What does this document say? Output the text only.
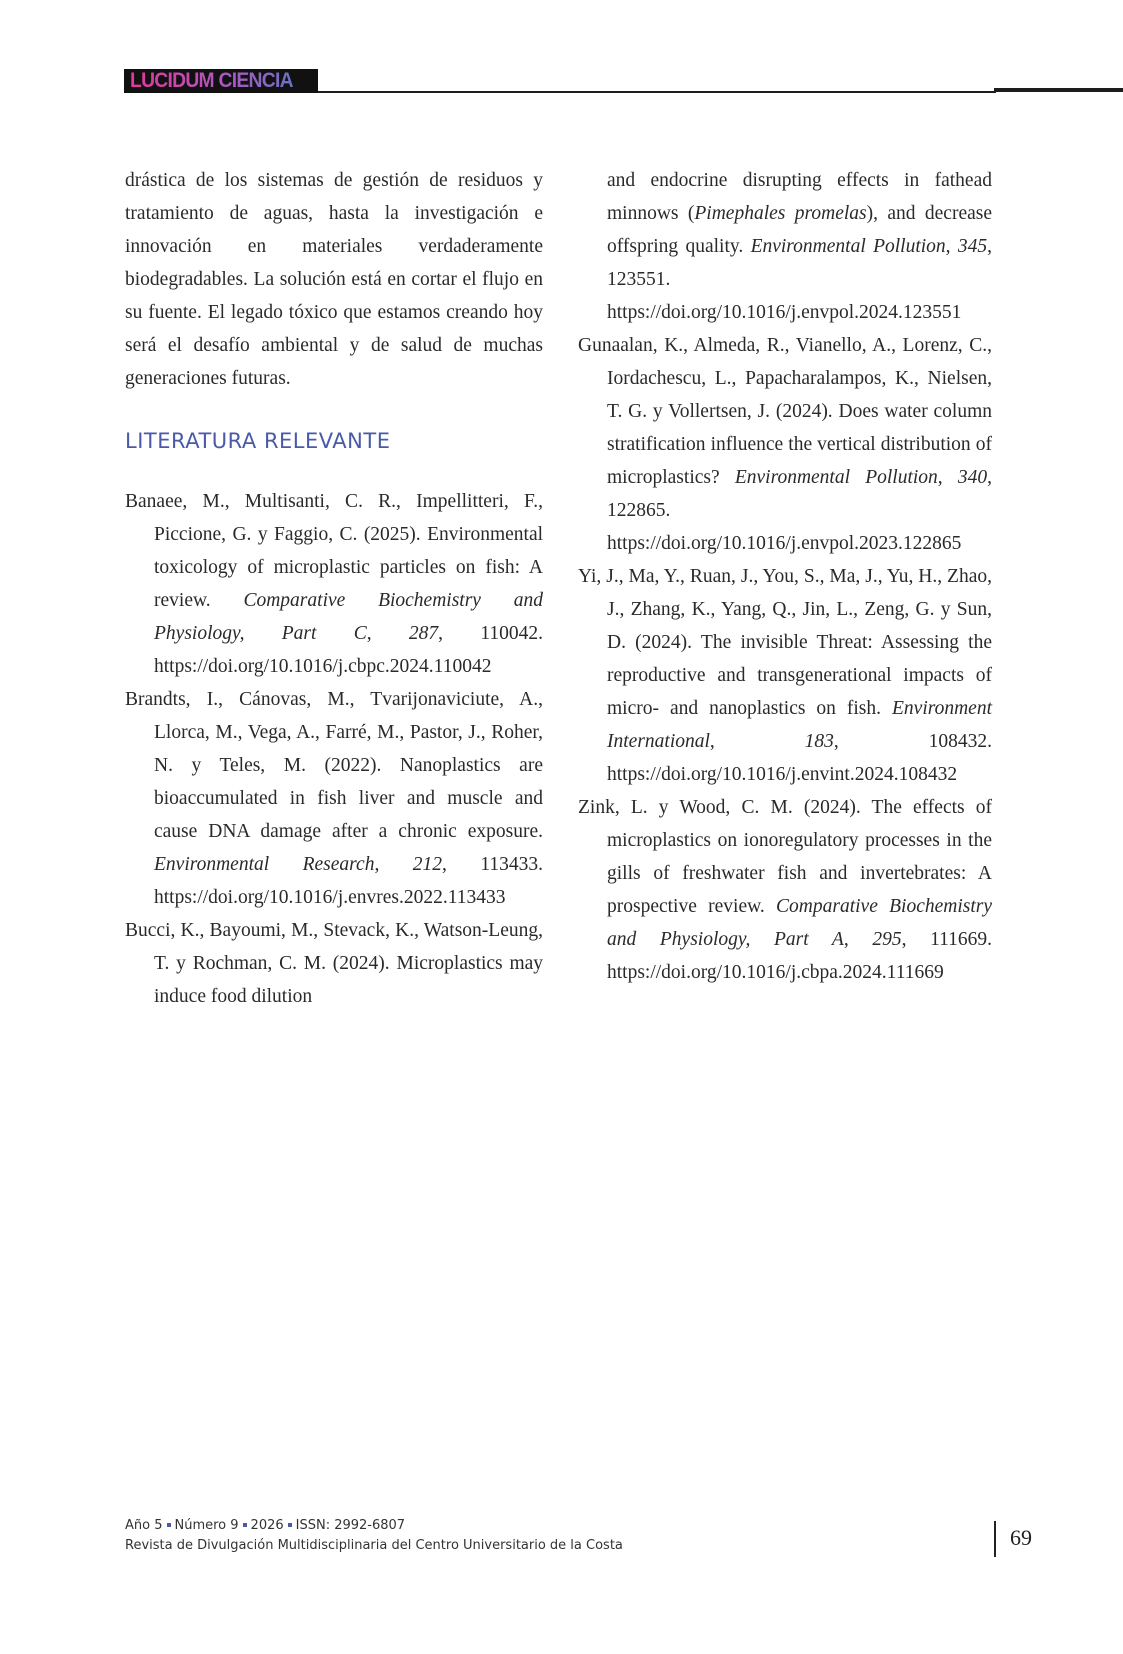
LUCIDUM CIENCIA

drástica de los sistemas de gestión de residuos y tratamiento de aguas, hasta la investigación e innovación en materiales verdaderamente biodegradables. La solución está en cortar el flujo en su fuente. El legado tóxico que estamos creando hoy será el desafío ambiental y de salud de muchas generaciones futuras.

LITERATURA RELEVANTE

Banaee, M., Multisanti, C. R., Impellitteri, F., Piccione, G. y Faggio, C. (2025). Environmental toxicology of microplastic particles on fish: A review. Comparative Biochemistry and Physiology, Part C, 287, 110042. https://doi.org/10.1016/j.cbpc.2024.110042

Brandts, I., Cánovas, M., Tvarijonaviciute, A., Llorca, M., Vega, A., Farré, M., Pastor, J., Roher, N. y Teles, M. (2022). Nanoplastics are bioaccumulated in fish liver and muscle and cause DNA damage after a chronic exposure. Environmental Research, 212, 113433. https://doi.org/10.1016/j.envres.2022.113433

Bucci, K., Bayoumi, M., Stevack, K., Watson-Leung, T. y Rochman, C. M. (2024). Microplastics may induce food dilution

and endocrine disrupting effects in fathead minnows (Pimephales promelas), and decrease offspring quality. Environmental Pollution, 345, 123551. https://doi.org/10.1016/j.envpol.2024.123551

Gunaalan, K., Almeda, R., Vianello, A., Lorenz, C., Iordachescu, L., Papacharalampos, K., Nielsen, T. G. y Vollertsen, J. (2024). Does water column stratification influence the vertical distribution of microplastics? Environmental Pollution, 340, 122865. https://doi.org/10.1016/j.envpol.2023.122865

Yi, J., Ma, Y., Ruan, J., You, S., Ma, J., Yu, H., Zhao, J., Zhang, K., Yang, Q., Jin, L., Zeng, G. y Sun, D. (2024). The invisible Threat: Assessing the reproductive and transgenerational impacts of micro- and nanoplastics on fish. Environment International, 183, 108432. https://doi.org/10.1016/j.envint.2024.108432

Zink, L. y Wood, C. M. (2024). The effects of microplastics on ionoregulatory processes in the gills of freshwater fish and invertebrates: A prospective review. Comparative Biochemistry and Physiology, Part A, 295, 111669. https://doi.org/10.1016/j.cbpa.2024.111669

Año 5 Número 9 2026 ISSN: 2992-6807
Revista de Divulgación Multidisciplinaria del Centro Universitario de la Costa	69
